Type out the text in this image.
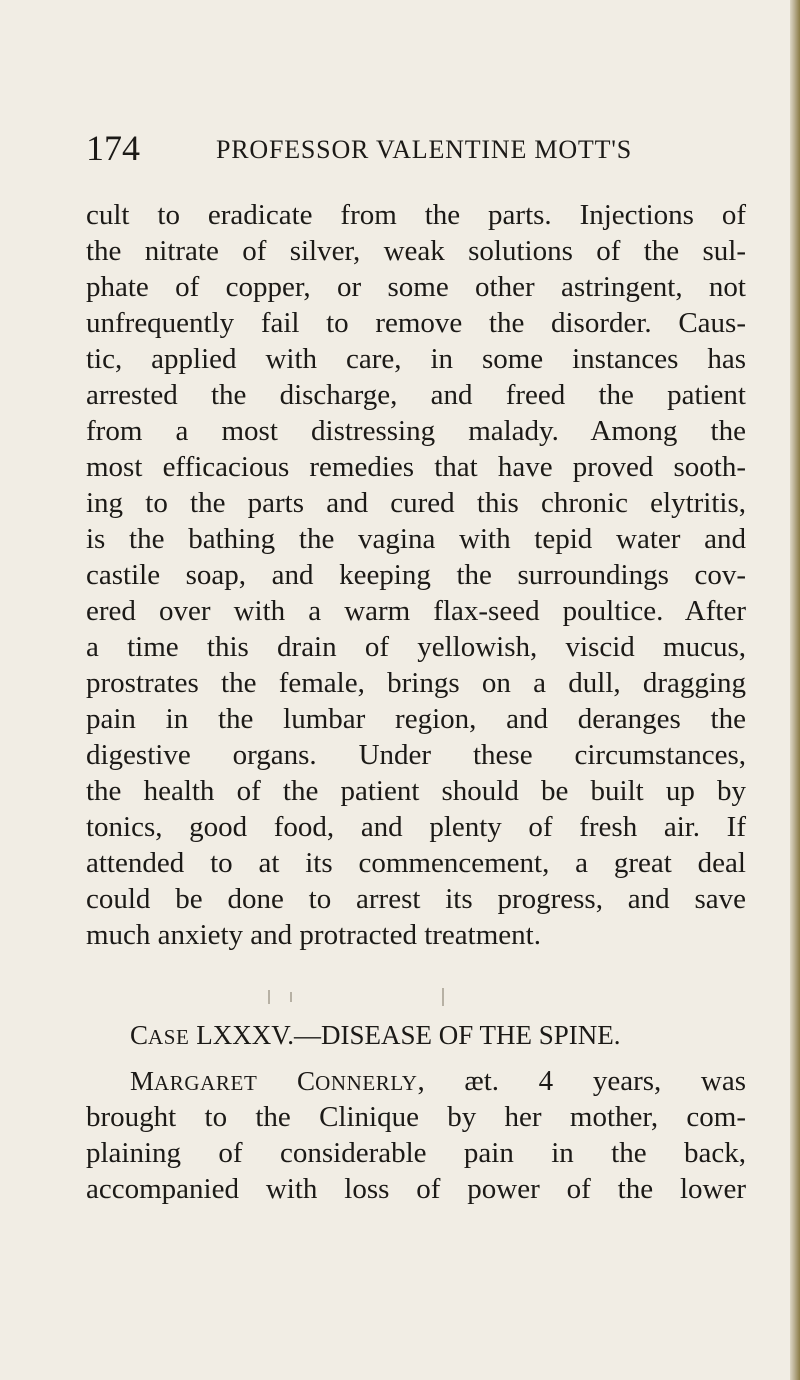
174	PROFESSOR VALENTINE MOTT'S
cult to eradicate from the parts. Injections of
the nitrate of silver, weak solutions of the sul-
phate of copper, or some other astringent, not
unfrequently fail to remove the disorder. Caus-
tic, applied with care, in some instances has
arrested the discharge, and freed the patient
from a most distressing malady. Among the
most efficacious remedies that have proved sooth-
ing to the parts and cured this chronic elytritis,
is the bathing the vagina with tepid water and
castile soap, and keeping the surroundings cov-
ered over with a warm flax-seed poultice. After
a time this drain of yellowish, viscid mucus,
prostrates the female, brings on a dull, dragging
pain in the lumbar region, and deranges the
digestive organs. Under these circumstances,
the health of the patient should be built up by
tonics, good food, and plenty of fresh air. If
attended to at its commencement, a great deal
could be done to arrest its progress, and save
much anxiety and protracted treatment.
CASE LXXXV.—DISEASE OF THE SPINE.
MARGARET CONNERLY, æt. 4 years, was
brought to the Clinique by her mother, com-
plaining of considerable pain in the back,
accompanied with loss of power of the lower
